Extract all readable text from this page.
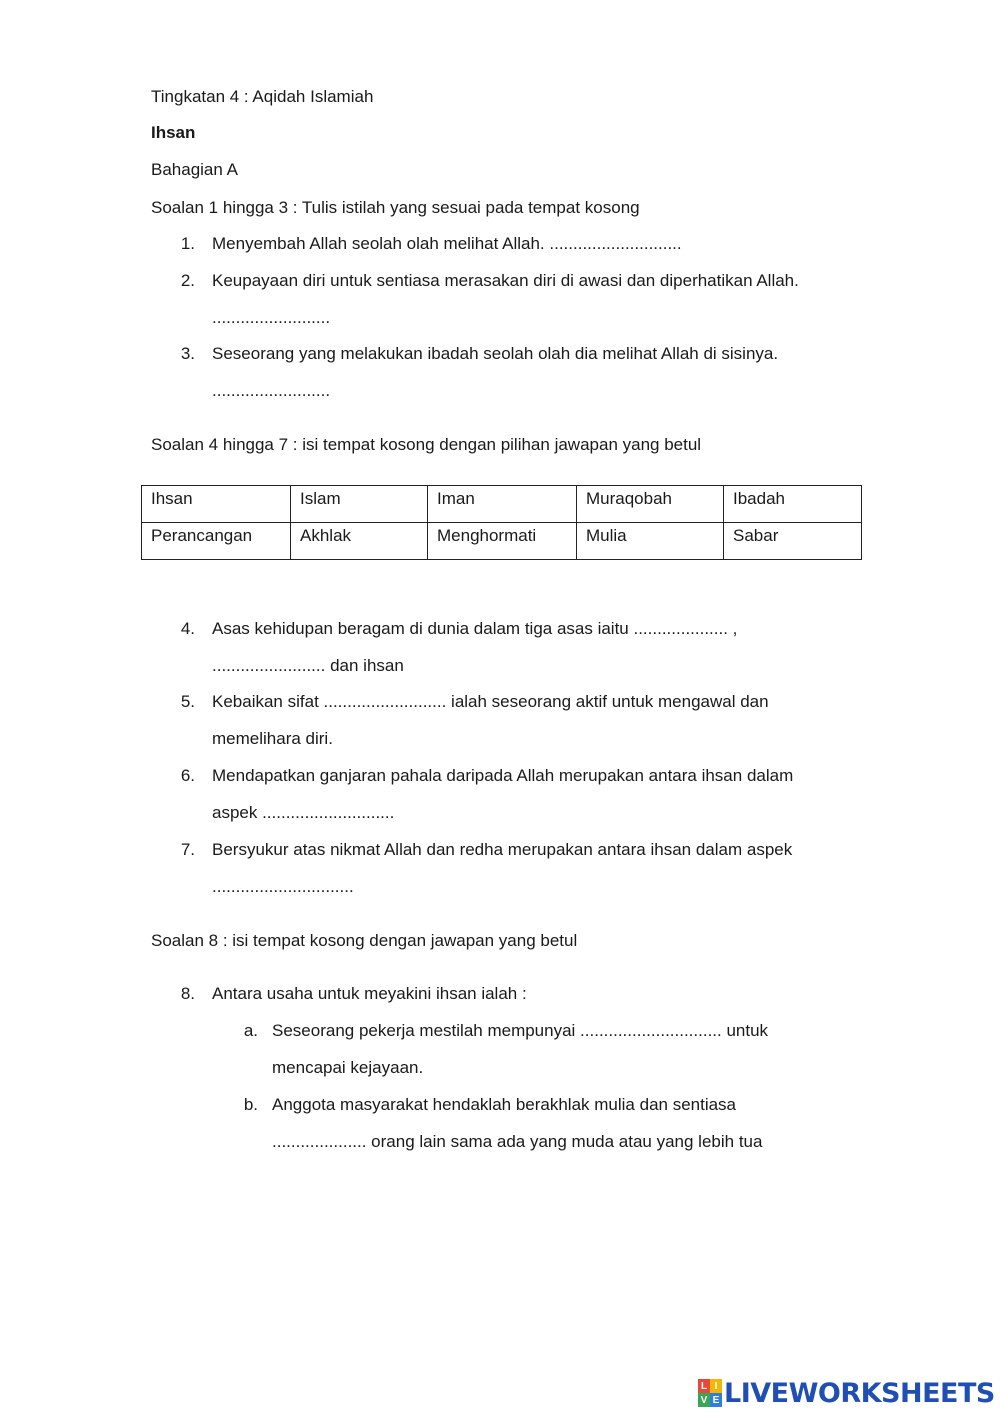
Tingkatan 4 : Aqidah Islamiah
Ihsan
Bahagian A
Soalan 1 hingga 3 : Tulis istilah yang sesuai pada tempat kosong
1. Menyembah Allah seolah olah melihat Allah. ............................
2. Keupayaan diri untuk sentiasa merasakan diri di awasi dan diperhatikan Allah.
.........................
3. Seseorang yang melakukan ibadah seolah olah dia melihat Allah di sisinya.
.........................
Soalan 4 hingga 7 : isi tempat kosong dengan pilihan jawapan yang betul
Ihsan	Islam	Iman	Muraqobah	Ibadah
Perancangan	Akhlak	Menghormati	Mulia	Sabar
4. Asas kehidupan beragam di dunia dalam tiga asas iaitu .................... ,
........................ dan ihsan
5. Kebaikan sifat .......................... ialah seseorang aktif untuk mengawal dan
memelihara diri.
6. Mendapatkan ganjaran pahala daripada Allah merupakan antara ihsan dalam
aspek ............................
7. Bersyukur atas nikmat Allah dan redha merupakan antara ihsan dalam aspek
..............................
Soalan 8 : isi tempat kosong dengan jawapan yang betul
8. Antara usaha untuk meyakini ihsan ialah :
a. Seseorang pekerja mestilah mempunyai .............................. untuk
mencapai kejayaan.
b. Anggota masyarakat hendaklah berakhlak mulia dan sentiasa
.................... orang lain sama ada yang muda atau yang lebih tua
L I
V E LIVEWORKSHEETS
